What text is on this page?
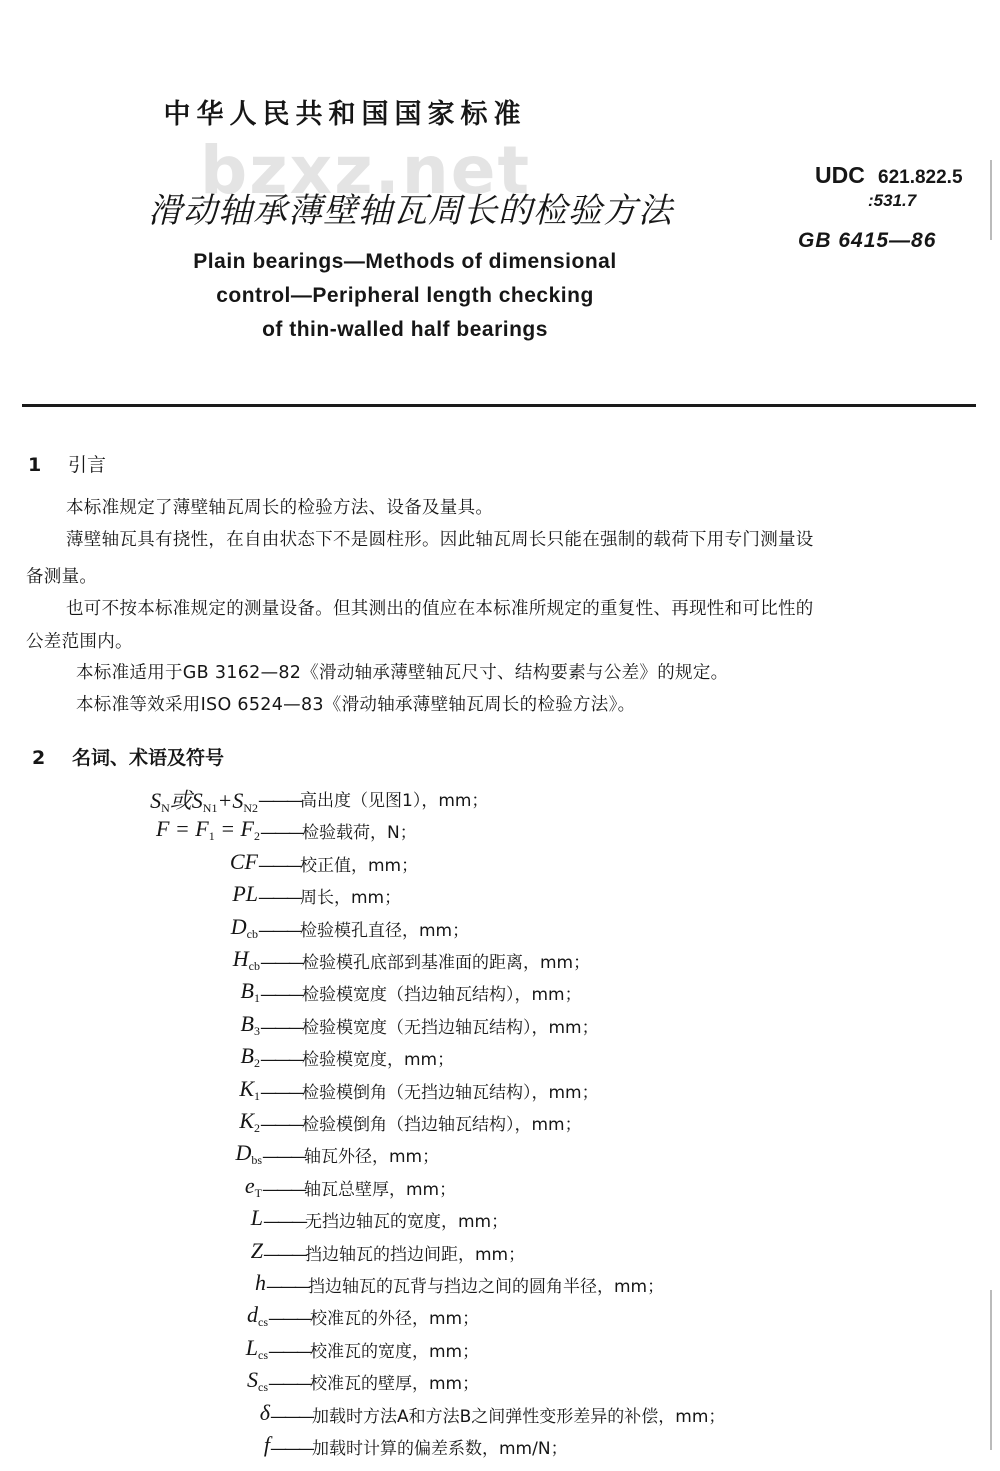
中华人民共和国国家标准
bzxz.net
滑动轴承薄壁轴瓦周长的检验方法
Plain bearings—Methods of dimensional
control—Peripheral length checking
of thin-walled half bearings
UDC 621.822.5
:531.7
GB 6415—86
1 引言
本标准规定了薄壁轴瓦周长的检验方法、设备及量具。
薄壁轴瓦具有挠性，在自由状态下不是圆柱形。因此轴瓦周长只能在强制的载荷下用专门测量设
备测量。
也可不按本标准规定的测量设备。但其测出的值应在本标准所规定的重复性、再现性和可比性的
公差范围内。
本标准适用于GB 3162—82《滑动轴承薄壁轴瓦尺寸、结构要素与公差》的规定。
本标准等效采用ISO 6524—83《滑动轴承薄壁轴瓦周长的检验方法》。
2 名词、术语及符号
$S_N$或$S_{N1}+S_{N2}$ ———高出度（见图1），mm；
$F = F_1 = F_2$ ———检验载荷，N；
CF ———校正值，mm；
PL ———周长，mm；
$D_{cb}$ ———检验模孔直径，mm；
$H_{cb}$ ———检验模孔底部到基准面的距离，mm；
$B_1$ ———检验模宽度（挡边轴瓦结构），mm；
$B_3$ ———检验模宽度（无挡边轴瓦结构），mm；
$B_2$ ———检验模宽度，mm；
$K_1$ ———检验模倒角（无挡边轴瓦结构），mm；
$K_2$ ———检验模倒角（挡边轴瓦结构），mm；
$D_{bs}$ ———轴瓦外径，mm；
$e_T$ ———轴瓦总壁厚，mm；
L ———无挡边轴瓦的宽度，mm；
Z ———挡边轴瓦的挡边间距，mm；
h ———挡边轴瓦的瓦背与挡边之间的圆角半径，mm；
$d_{cs}$ ———校准瓦的外径，mm；
$L_{cs}$ ———校准瓦的宽度，mm；
$S_{cs}$ ———校准瓦的壁厚，mm；
δ ———加载时方法A和方法B之间弹性变形差异的补偿，mm；
f ———加载时计算的偏差系数，mm/N；
